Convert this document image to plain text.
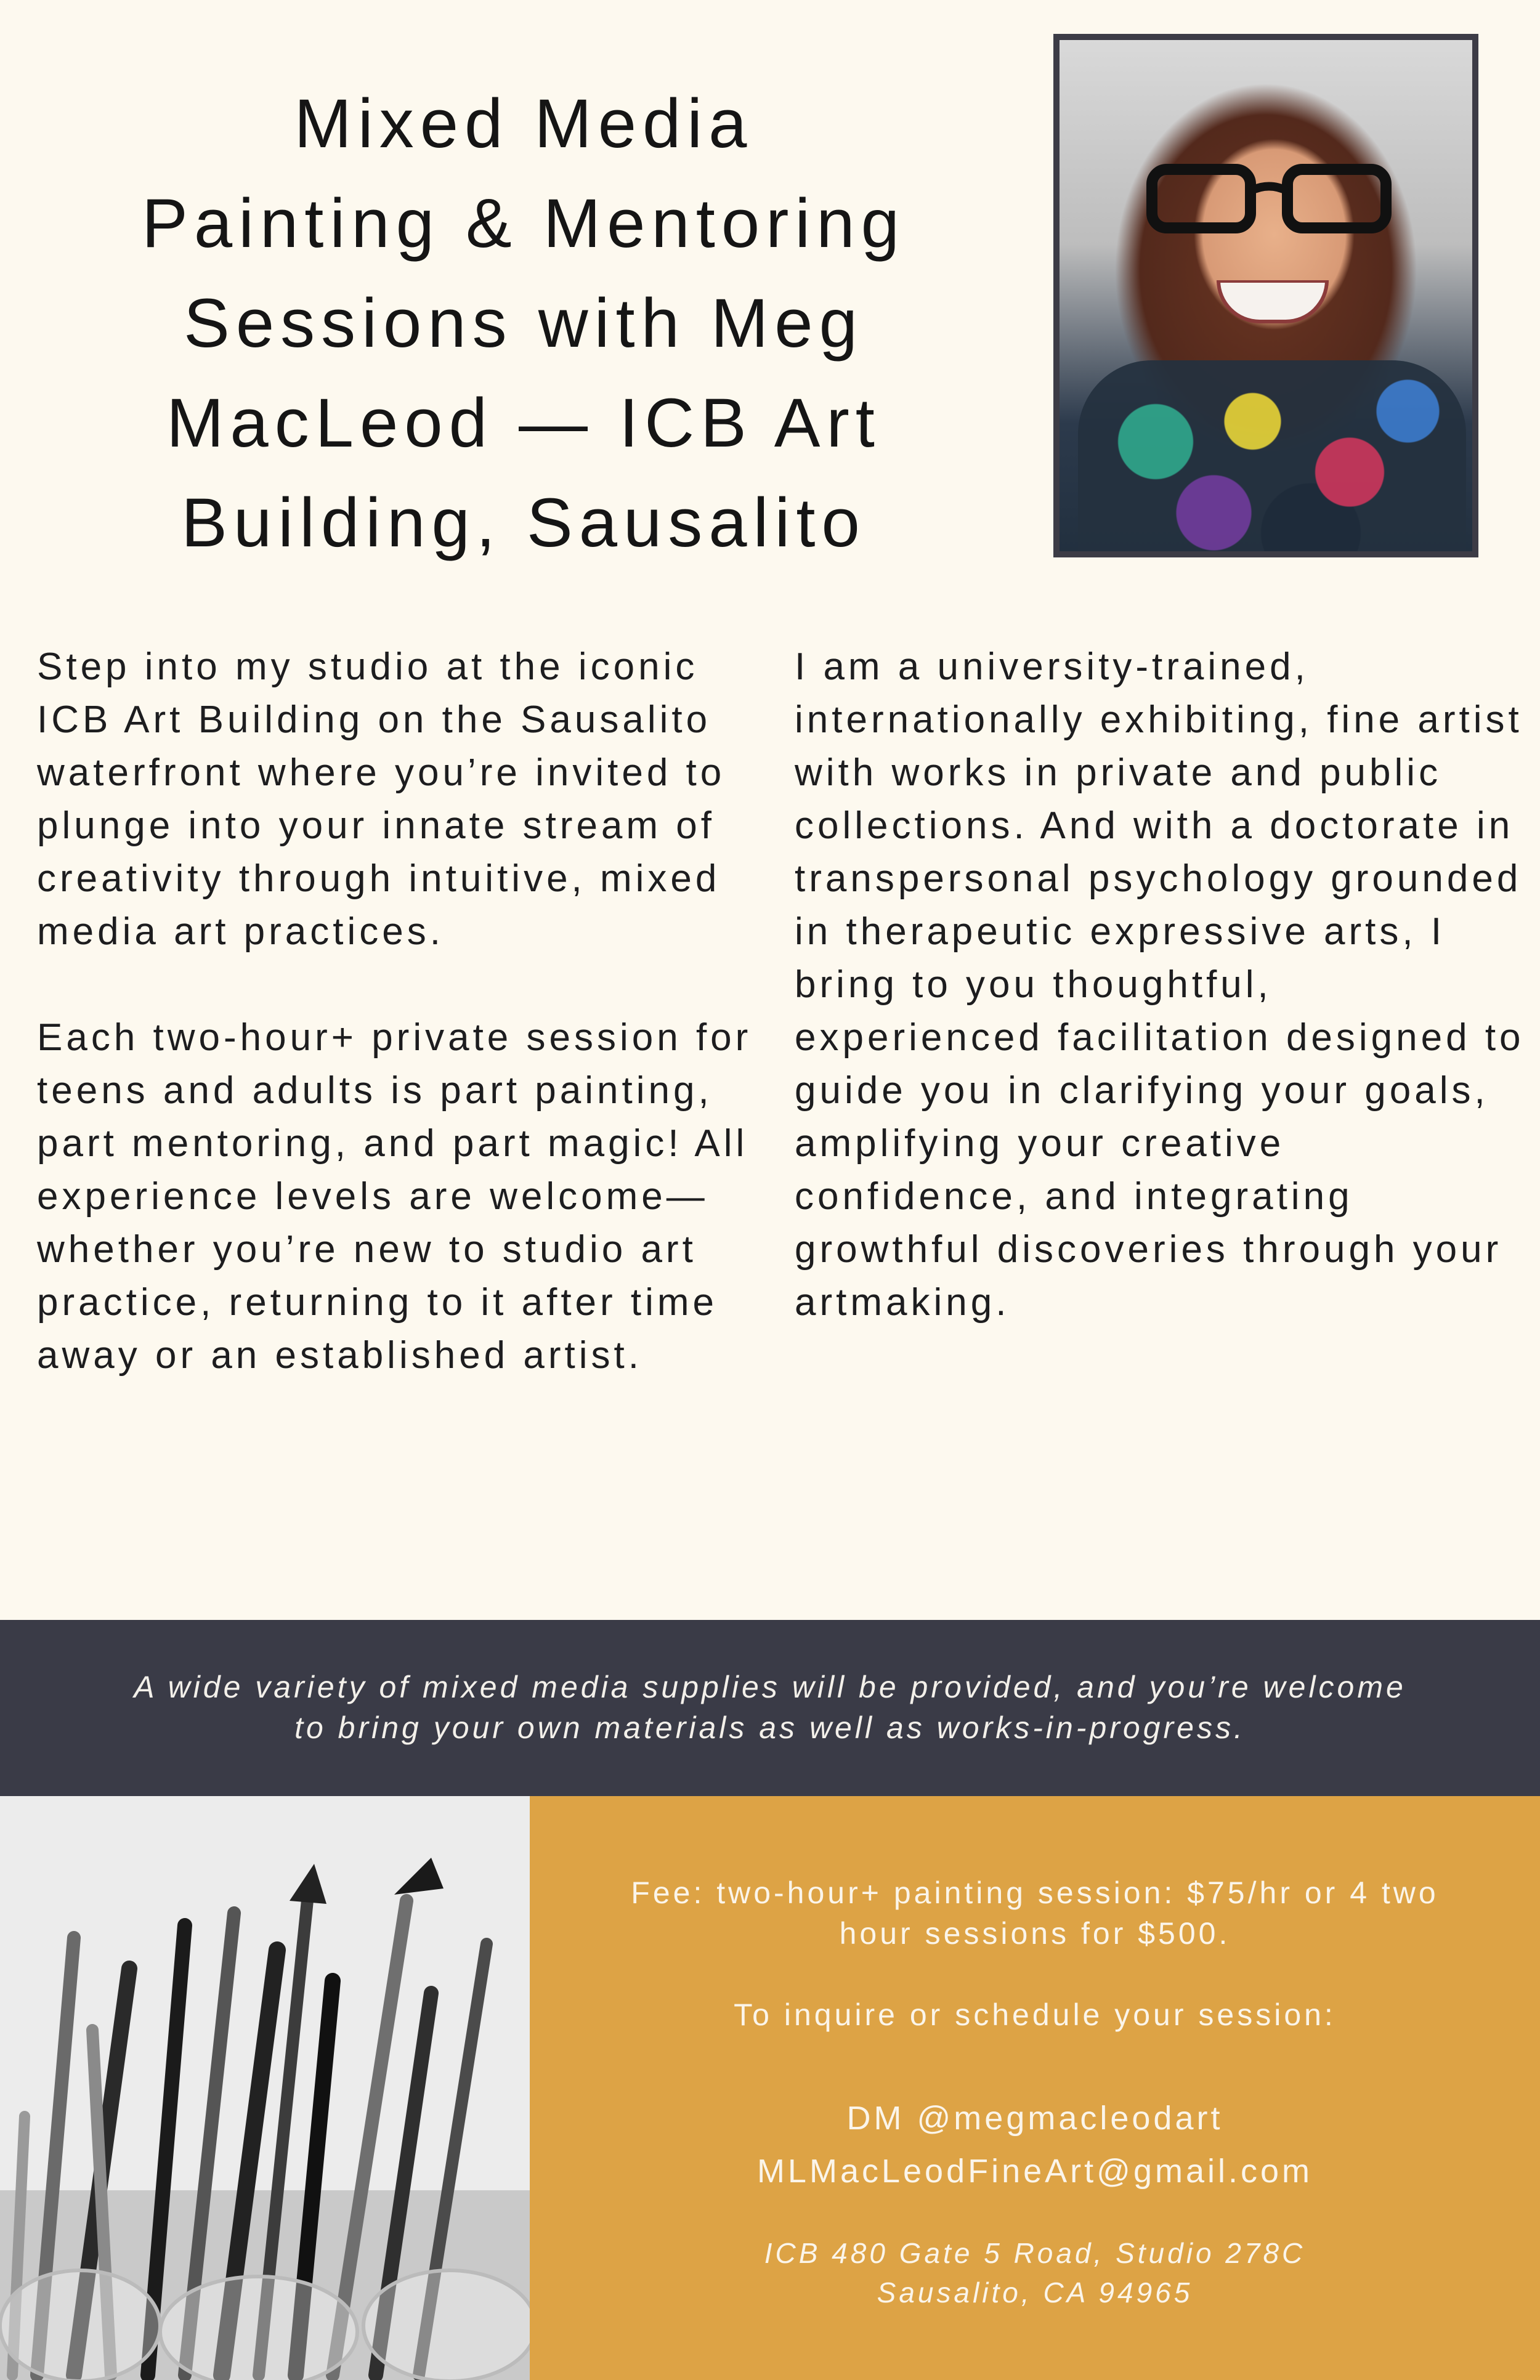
Mixed Media
Painting & Mentoring
Sessions with Meg
MacLeod — ICB Art
Building, Sausalito

Step into my studio at the iconic ICB Art Building on the Sausalito waterfront where you’re invited to plunge into your innate stream of creativity through intuitive, mixed media art practices.

Each two-hour+ private session for teens and adults is part painting, part mentoring, and part magic! All experience levels are welcome—whether you’re new to studio art practice, returning to it after time away or an established artist.

I am a university-trained, internationally exhibiting, fine artist with works in private and public collections. And with a doctorate in transpersonal psychology grounded in therapeutic expressive arts, I bring to you thoughtful, experienced facilitation designed to guide you in clarifying your goals, amplifying your creative confidence, and integrating growthful discoveries through your artmaking.

A wide variety of mixed media supplies will be provided, and you’re welcome
to bring your own materials as well as works-in-progress.

Fee: two-hour+ painting session: $75/hr or 4 two
hour sessions for $500.

To inquire or schedule your session:

DM @megmacleodart

MLMacLeodFineArt@gmail.com

ICB 480 Gate 5 Road, Studio 278C
Sausalito, CA 94965
